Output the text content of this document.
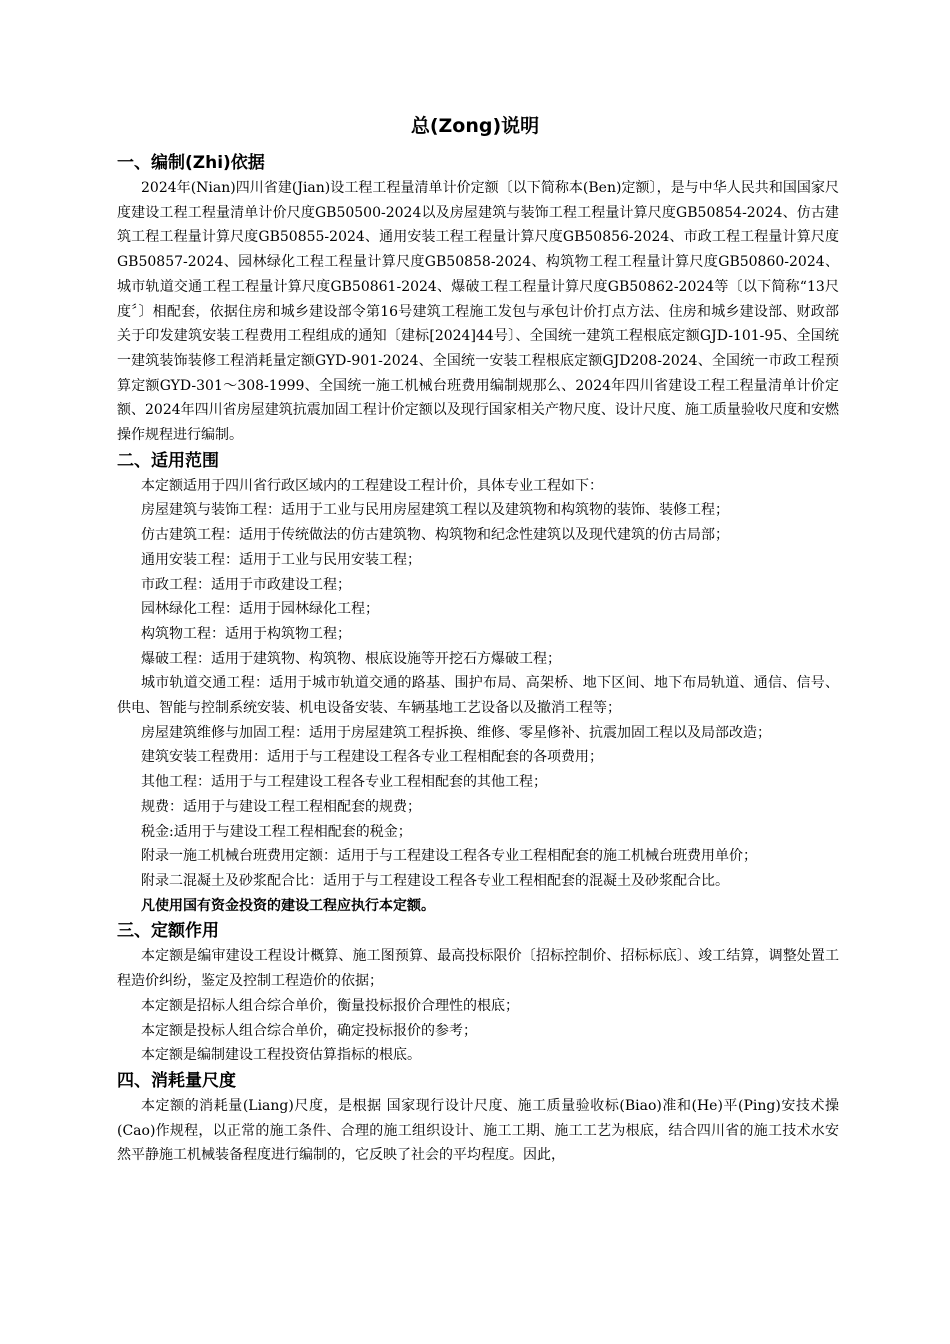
总(Zong)说明
一、编制(Zhi)依据

2024年(Nian)四川省建(Jian)设工程工程量清单计价定额〔以下简称本(Ben)定额〕，是与中华人民共和国国家尺度建设工程工程量清单计价尺度GB50500-2024以及房屋建筑与装饰工程工程量计算尺度GB50854-2024、仿古建筑工程工程量计算尺度GB50855-2024、通用安装工程工程量计算尺度GB50856-2024、市政工程工程量计算尺度GB50857-2024、园林绿化工程工程量计算尺度GB50858-2024、构筑物工程工程量计算尺度GB50860-2024、城市轨道交通工程工程量计算尺度GB50861-2024、爆破工程工程量计算尺度GB50862-2024等〔以下简称“13尺度〞〕相配套，依据住房和城乡建设部令第16号建筑工程施工发包与承包计价打点方法、住房和城乡建设部、财政部关于印发建筑安装工程费用工程组成的通知〔建标[2024]44号〕、全国统一建筑工程根底定额GJD-101-95、全国统一建筑装饰装修工程消耗量定额GYD-901-2024、全国统一安装工程根底定额GJD208-2024、全国统一市政工程预算定额GYD-301～308-1999、全国统一施工机械台班费用编制规那么、2024年四川省建设工程工程量清单计价定额、2024年四川省房屋建筑抗震加固工程计价定额以及现行国家相关产物尺度、设计尺度、施工质量验收尺度和安燃操作规程进行编制。

二、适用范围

本定额适用于四川省行政区域内的工程建设工程计价，具体专业工程如下：

房屋建筑与装饰工程：适用于工业与民用房屋建筑工程以及建筑物和构筑物的装饰、装修工程；

仿古建筑工程：适用于传统做法的仿古建筑物、构筑物和纪念性建筑以及现代建筑的仿古局部；

通用安装工程：适用于工业与民用安装工程；

市政工程：适用于市政建设工程；

园林绿化工程：适用于园林绿化工程；

构筑物工程：适用于构筑物工程；

爆破工程：适用于建筑物、构筑物、根底设施等开挖石方爆破工程；

城市轨道交通工程：适用于城市轨道交通的路基、围护布局、高架桥、地下区间、地下布局轨道、通信、信号、供电、智能与控制系统安装、机电设备安装、车辆基地工艺设备以及撤消工程等；

房屋建筑维修与加固工程：适用于房屋建筑工程拆换、维修、零星修补、抗震加固工程以及局部改造；

建筑安装工程费用：适用于与工程建设工程各专业工程相配套的各项费用；

其他工程：适用于与工程建设工程各专业工程相配套的其他工程；

规费：适用于与建设工程工程相配套的规费；

税金:适用于与建设工程工程相配套的税金；

附录一施工机械台班费用定额：适用于与工程建设工程各专业工程相配套的施工机械台班费用单价；

附录二混凝土及砂浆配合比：适用于与工程建设工程各专业工程相配套的混凝土及砂浆配合比。

凡使用国有资金投资的建设工程应执行本定额。

三、定额作用

本定额是编审建设工程设计概算、施工图预算、最高投标限价〔招标控制价、招标标底〕、竣工结算，调整处置工程造价纠纷，鉴定及控制工程造价的依据；

本定额是招标人组合综合单价，衡量投标报价合理性的根底；

本定额是投标人组合综合单价，确定投标报价的参考；

本定额是编制建设工程投资估算指标的根底。

四、消耗量尺度

本定额的消耗量(Liang)尺度，是根据 国家现行设计尺度、施工质量验收标(Biao)准和(He)平(Ping)安技术操(Cao)作规程，以正常的施工条件、合理的施工组织设计、施工工期、施工工艺为根底，结合四川省的施工技术水安然平静施工机械装备程度进行编制的，它反映了社会的平均程度。因此，
